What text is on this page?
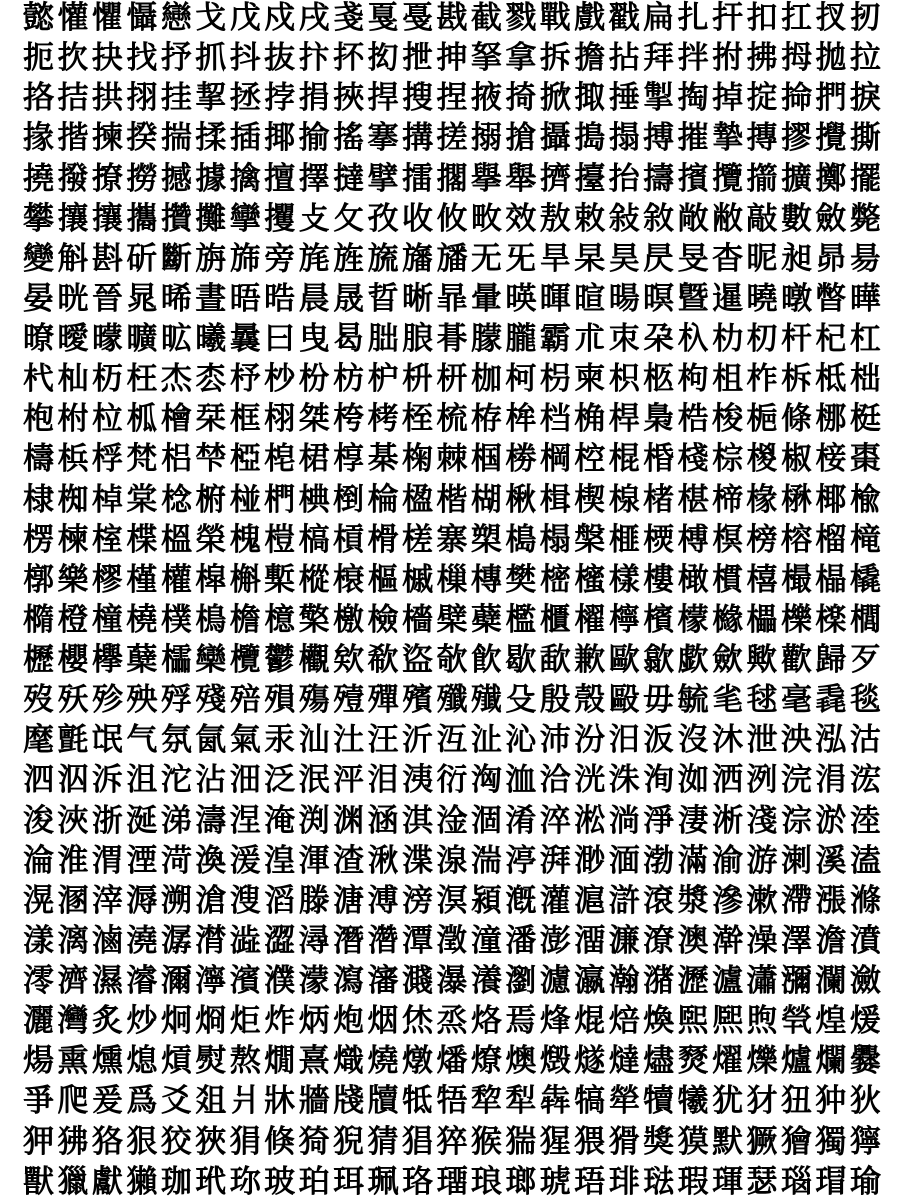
懿 懽 懼 懾 戀 戈 戊 戍 戌 戔 戛 戞 戡 截 戮 戰 戲 戳 扁 扎 扞 扣 扛 扠 扨
扼 扻 抉 找 抒 抓 抖 抜 抃 抔 抝 抴 抻 拏 拿 拆 擔 拈 拜 拌 拊 拂 拇 拋 拉
挌 拮 拱 挧 挂 挈 拯 挬 捐 挾 捍 搜 捏 掖 掎 掀 掫 捶 掣 掏 掉 掟 掵 捫 捩
掾 揩 揀 揆 揣 揉 插 揶 揄 搖 搴 搆 搓 搦 搶 攝 搗 搨 搏 摧 摯 摶 摎 攪 撕
撓 撥 撩 撈 撼 據 擒 擅 擇 撻 擘 擂 擱 擧 舉 擠 擡 抬 擣 擯 攬 擶 擴 擲 擺
攀 攘 攘 攜 攢 攤 攣 攫 攴 攵 孜 收 攸 畋 效 敖 敕 敍 敘 敞 敝 敲 數 斂 斃
變 斛 斟 斫 斷 旃 旆 旁 旄 旌 旒 旛 旙 无 旡 旱 杲 昊 昃 旻 杳 昵 昶 昴 昜
晏 晄 晉 晁 晞 晝 晤 晧 晨 晟 晢 晰 暃 暈 暎 暉 暄 暘 暝 曁 暹 曉 暾 暼 曄
暸 曖 曚 曠 昿 曦 曩 曰 曳 曷 朏 朖 朞 朦 朧 霸 朮 朿 朶 杁 朸 朷 杆 杞 杠
杙 杣 杤 枉 杰 枩 杼 杪 枌 枋 枦 枡 枅 枷 柯 枴 柬 枳 柩 枸 柤 柞 柝 柢 柮
枹 柎 柆 柧 檜 栞 框 栩 桀 桍 栲 桎 梳 栫 桙 档 桷 桿 梟 梏 梭 梔 條 梛 梃
檮 梹 桴 梵 梠 梺 椏 梍 桾 椁 棊 椈 棘 椢 椦 棡 椌 棍 棔 棧 棕 椶 椒 椄 棗
棣 椥 棹 棠 棯 椨 椪 椚 椣 椡 棆 楹 楷 楜 楸 楫 楔 楾 楮 椹 楴 椽 楙 椰 楡
楞 楝 榁 楪 榲 榮 槐 榿 槁 槓 榾 槎 寨 槊 槝 榻 槃 榧 樮 榑 榠 榜 榕 榴 槞
槨 樂 樛 槿 權 槹 槲 槧 樅 榱 樞 槭 樔 槫 樊 樒 櫁 樣 樓 橄 樌 橲 樶 橸 橇
橢 橙 橦 橈 樸 樢 檐 檍 檠 檄 檢 檣 檗 蘗 檻 櫃 櫂 檸 檳 檬 櫞 櫑 櫟 檪 櫚
櫪 櫻 欅 蘖 櫺 欒 欖 鬱 欟 欸 欷 盜 欹 飮 歇 歃 歉 歐 歙 歔 歛 歟 歡 歸 歹
歿 殀 殄 殃 殍 殘 殕 殞 殤 殪 殫 殯 殲 殱 殳 殷 殼 毆 毋 毓 毟 毬 毫 毳 毯
麾 氈 氓 气 氛 氤 氣 汞 汕 汢 汪 沂 沍 沚 沁 沛 汾 汨 汳 沒 沐 泄 泱 泓 沽
泗 泅 泝 沮 沱 沾 沺 泛 泯 泙 泪 洟 衍 洶 洫 洽 洸 洙 洵 洳 洒 洌 浣 涓 浤
浚 浹 浙 涎 涕 濤 涅 淹 渕 渊 涵 淇 淦 涸 淆 淬 淞 淌 淨 淒 淅 淺 淙 淤 淕
淪 淮 渭 湮 渮 渙 湲 湟 渾 渣 湫 渫 湶 湍 渟 湃 渺 湎 渤 滿 渝 游 溂 溪 溘
滉 溷 滓 溽 溯 滄 溲 滔 滕 溏 溥 滂 溟 潁 漑 灌 滬 滸 滾 漿 滲 漱 滯 漲 滌
漾 漓 滷 澆 潺 潸 澁 澀 潯 潛 濳 潭 澂 潼 潘 澎 澑 濂 潦 澳 澣 澡 澤 澹 濆
澪 濟 濕 濬 濔 濘 濱 濮 濛 瀉 瀋 濺 瀑 瀁 瀏 濾 瀛 瀚 潴 瀝 瀘 瀟 瀰 瀾 瀲
灑 灣 炙 炒 炯 烱 炬 炸 炳 炮 烟 烋 烝 烙 焉 烽 焜 焙 煥 煕 熈 煦 煢 煌 煖
煬 熏 燻 熄 熕 熨 熬 燗 熹 熾 燒 燉 燔 燎 燠 燬 燧 燵 燼 燹 燿 爍 爐 爛 爨
爭 爬 爰 爲 爻 爼 爿 牀 牆 牋 牘 牴 牾 犂 犁 犇 犒 犖 犢 犧 犹 犲 狃 狆 狄
狎 狒 狢 狠 狡 狹 狷 倏 猗 猊 猜 猖 猝 猴 猯 猩 猥 猾 獎 獏 默 獗 獪 獨 獰
獸 獵 獻 獺 珈 玳 珎 玻 珀 珥 珮 珞 璢 琅 瑯 琥 珸 琲 琺 瑕 琿 瑟 瑙 瑁 瑜
